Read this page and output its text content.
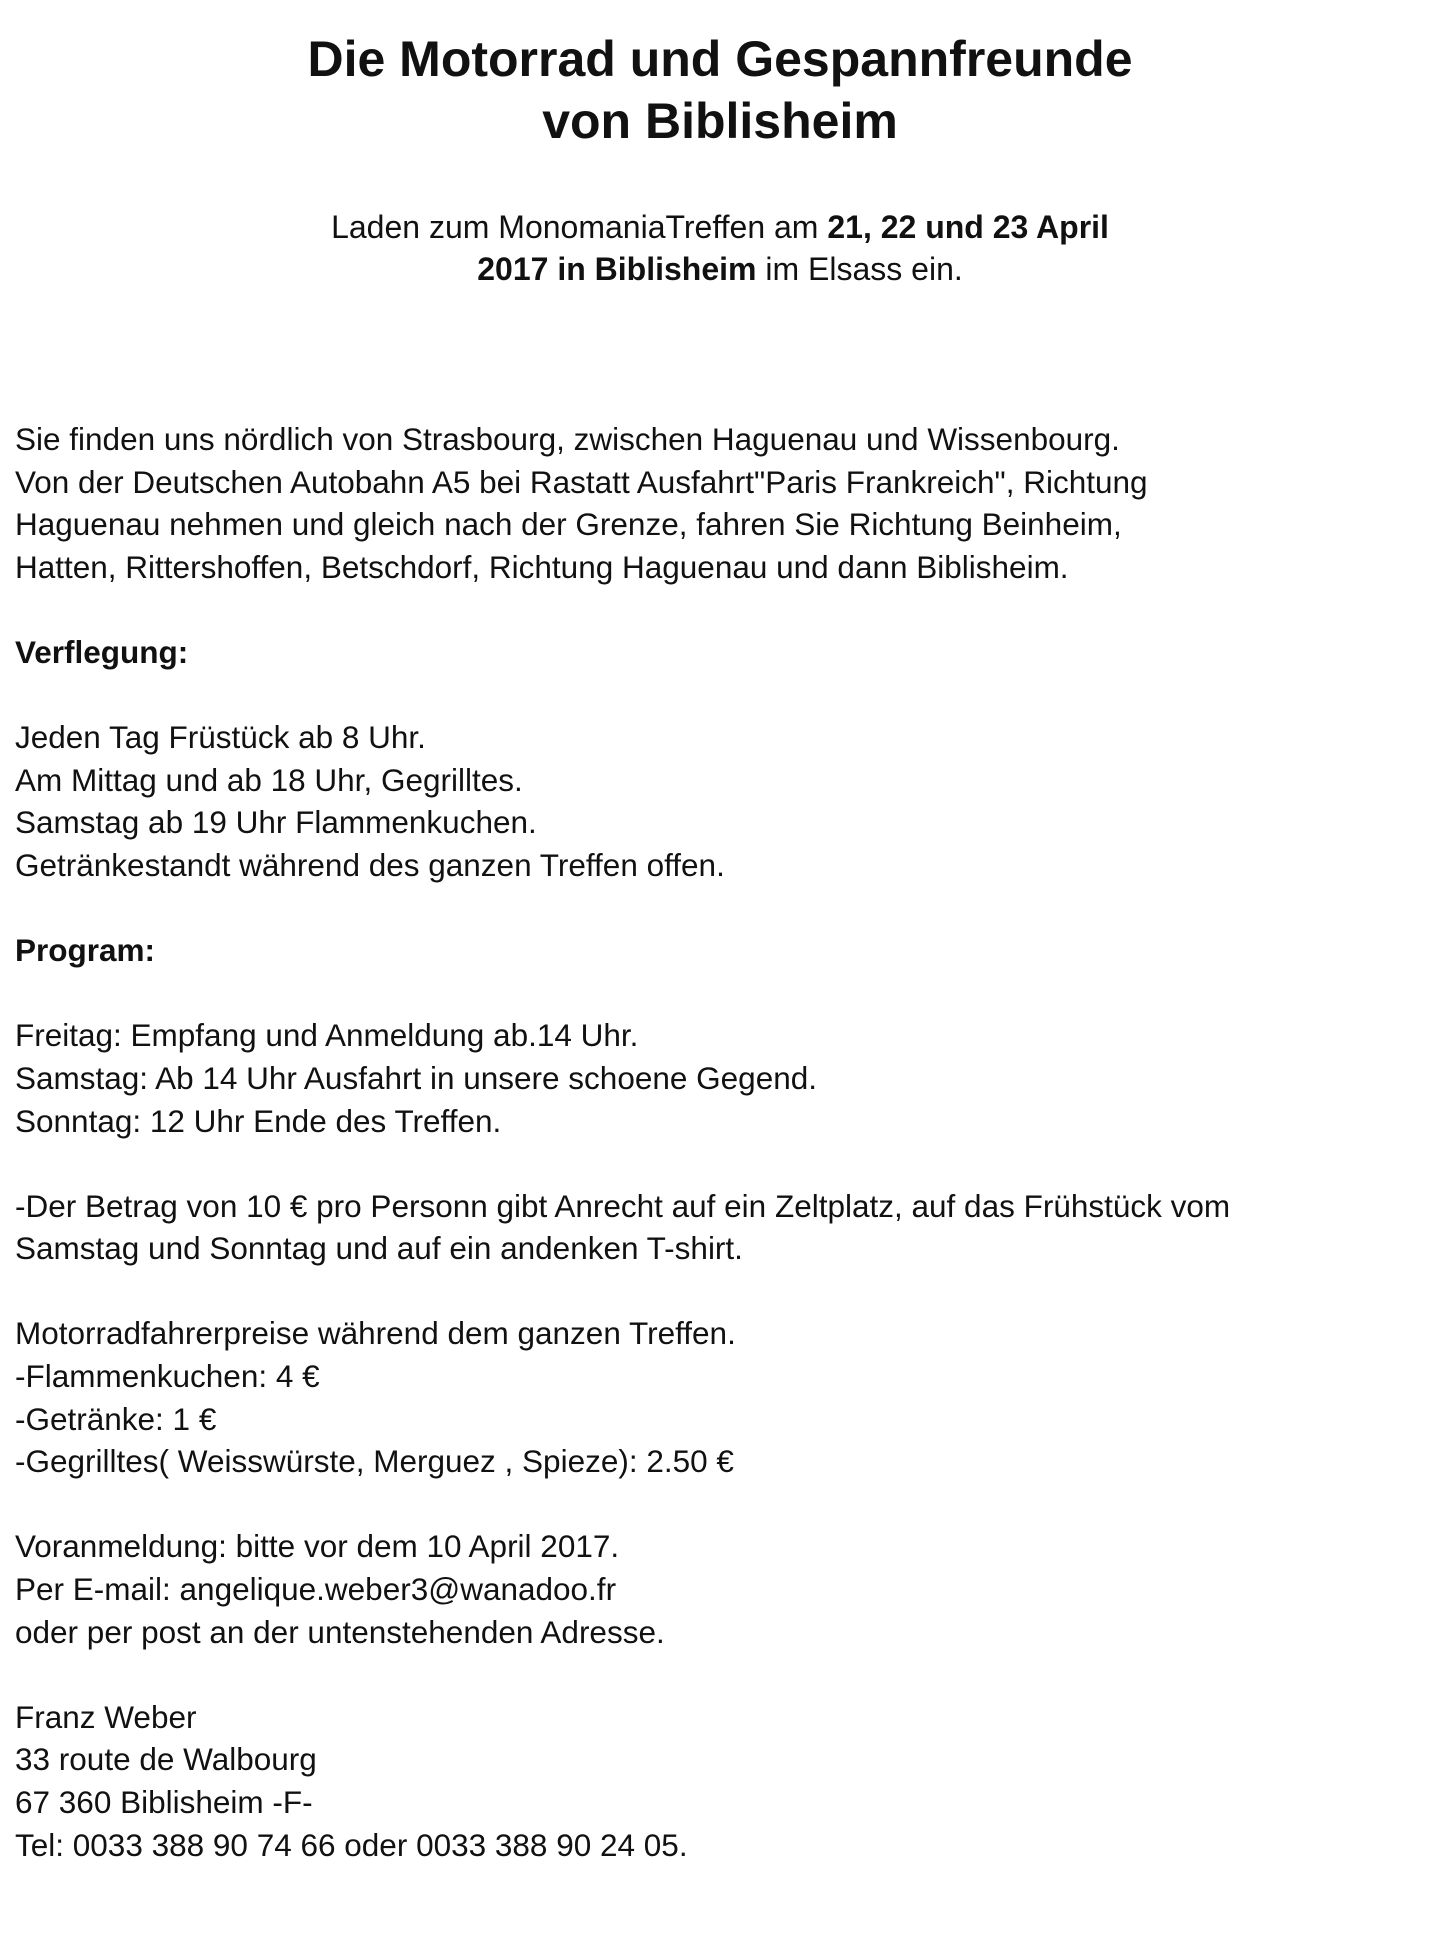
Die Motorrad und Gespannfreunde
von Biblisheim

Laden zum MonomaniaTreffen am 21, 22 und 23 April
2017 in Biblisheim im Elsass ein.

Sie finden uns nördlich von Strasbourg, zwischen Haguenau und Wissenbourg.
Von der Deutschen Autobahn A5 bei Rastatt Ausfahrt"Paris Frankreich", Richtung
Haguenau nehmen und gleich nach der Grenze, fahren Sie Richtung Beinheim,
Hatten, Rittershoffen, Betschdorf, Richtung Haguenau und dann Biblisheim.
Verflegung:
Jeden Tag Früstück ab 8 Uhr.
Am Mittag und ab 18 Uhr, Gegrilltes.
Samstag ab 19 Uhr Flammenkuchen.
Getränkestandt während des ganzen Treffen offen.
Program:
Freitag: Empfang und Anmeldung ab.14 Uhr.
Samstag: Ab 14 Uhr Ausfahrt in unsere schoene Gegend.
Sonntag: 12 Uhr Ende des Treffen.
-Der Betrag von 10 € pro Personn gibt Anrecht auf ein Zeltplatz, auf das Frühstück vom
Samstag und Sonntag und auf ein andenken T-shirt.
Motorradfahrerpreise während dem ganzen Treffen.
-Flammenkuchen: 4 €
-Getränke: 1 €
-Gegrilltes( Weisswürste, Merguez , Spieze): 2.50 €
Voranmeldung: bitte vor dem 10 April 2017.
Per E-mail: angelique.weber3@wanadoo.fr
oder per post an der untenstehenden Adresse.
Franz Weber
33 route de Walbourg
67 360 Biblisheim -F-
Tel: 0033 388 90 74 66 oder 0033 388 90 24 05.
